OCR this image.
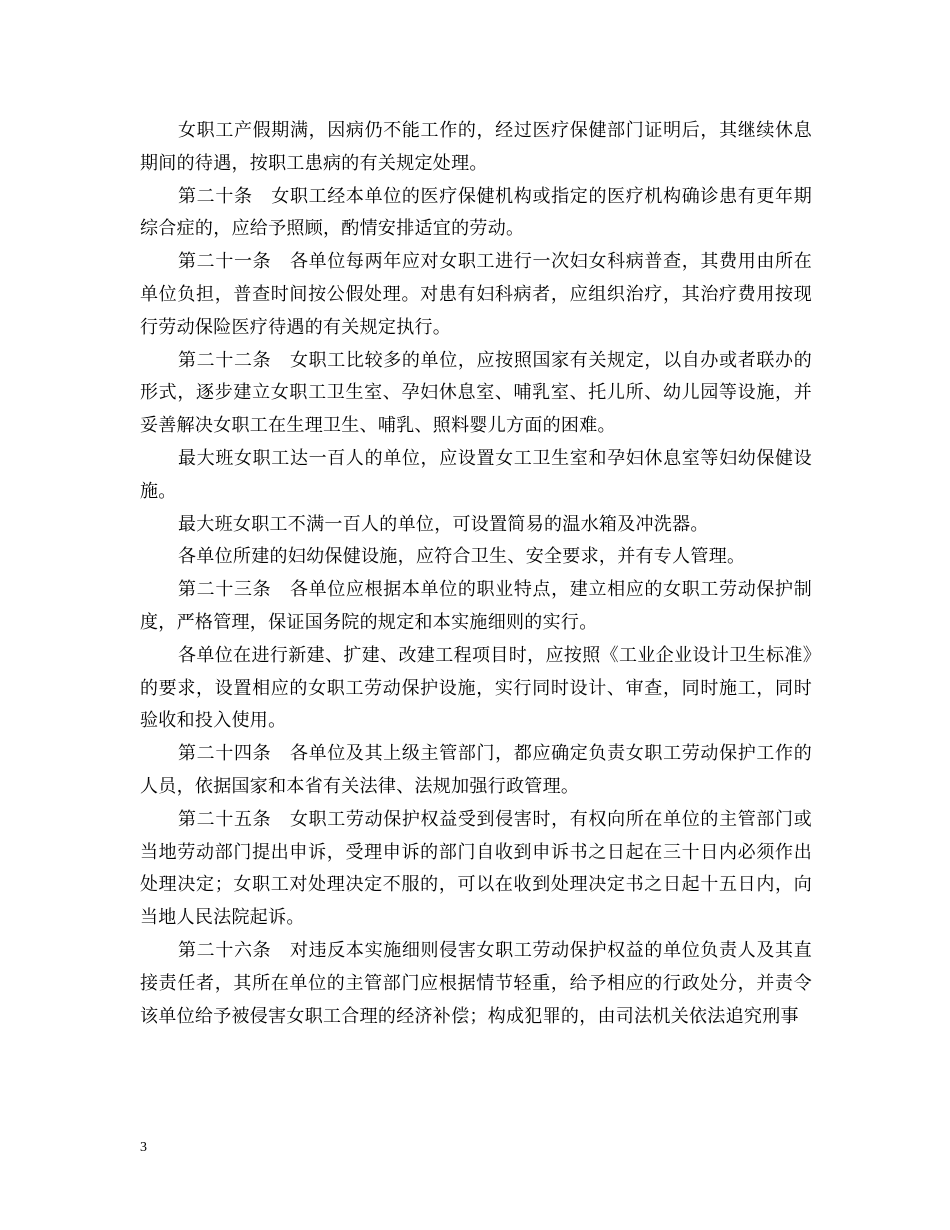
女职工产假期满，因病仍不能工作的，经过医疗保健部门证明后，其继续休息期间的待遇，按职工患病的有关规定处理。

第二十条　女职工经本单位的医疗保健机构或指定的医疗机构确诊患有更年期综合症的，应给予照顾，酌情安排适宜的劳动。

第二十一条　各单位每两年应对女职工进行一次妇女科病普查，其费用由所在单位负担，普查时间按公假处理。对患有妇科病者，应组织治疗，其治疗费用按现行劳动保险医疗待遇的有关规定执行。

第二十二条　女职工比较多的单位，应按照国家有关规定，以自办或者联办的形式，逐步建立女职工卫生室、孕妇休息室、哺乳室、托儿所、幼儿园等设施，并妥善解决女职工在生理卫生、哺乳、照料婴儿方面的困难。

最大班女职工达一百人的单位，应设置女工卫生室和孕妇休息室等妇幼保健设施。

最大班女职工不满一百人的单位，可设置简易的温水箱及冲洗器。

各单位所建的妇幼保健设施，应符合卫生、安全要求，并有专人管理。

第二十三条　各单位应根据本单位的职业特点，建立相应的女职工劳动保护制度，严格管理，保证国务院的规定和本实施细则的实行。

各单位在进行新建、扩建、改建工程项目时，应按照《工业企业设计卫生标准》的要求，设置相应的女职工劳动保护设施，实行同时设计、审查，同时施工，同时验收和投入使用。

第二十四条　各单位及其上级主管部门，都应确定负责女职工劳动保护工作的人员，依据国家和本省有关法律、法规加强行政管理。

第二十五条　女职工劳动保护权益受到侵害时，有权向所在单位的主管部门或当地劳动部门提出申诉，受理申诉的部门自收到申诉书之日起在三十日内必须作出处理决定；女职工对处理决定不服的，可以在收到处理决定书之日起十五日内，向当地人民法院起诉。

第二十六条　对违反本实施细则侵害女职工劳动保护权益的单位负责人及其直接责任者，其所在单位的主管部门应根据情节轻重，给予相应的行政处分，并责令该单位给予被侵害女职工合理的经济补偿；构成犯罪的，由司法机关依法追究刑事

3
